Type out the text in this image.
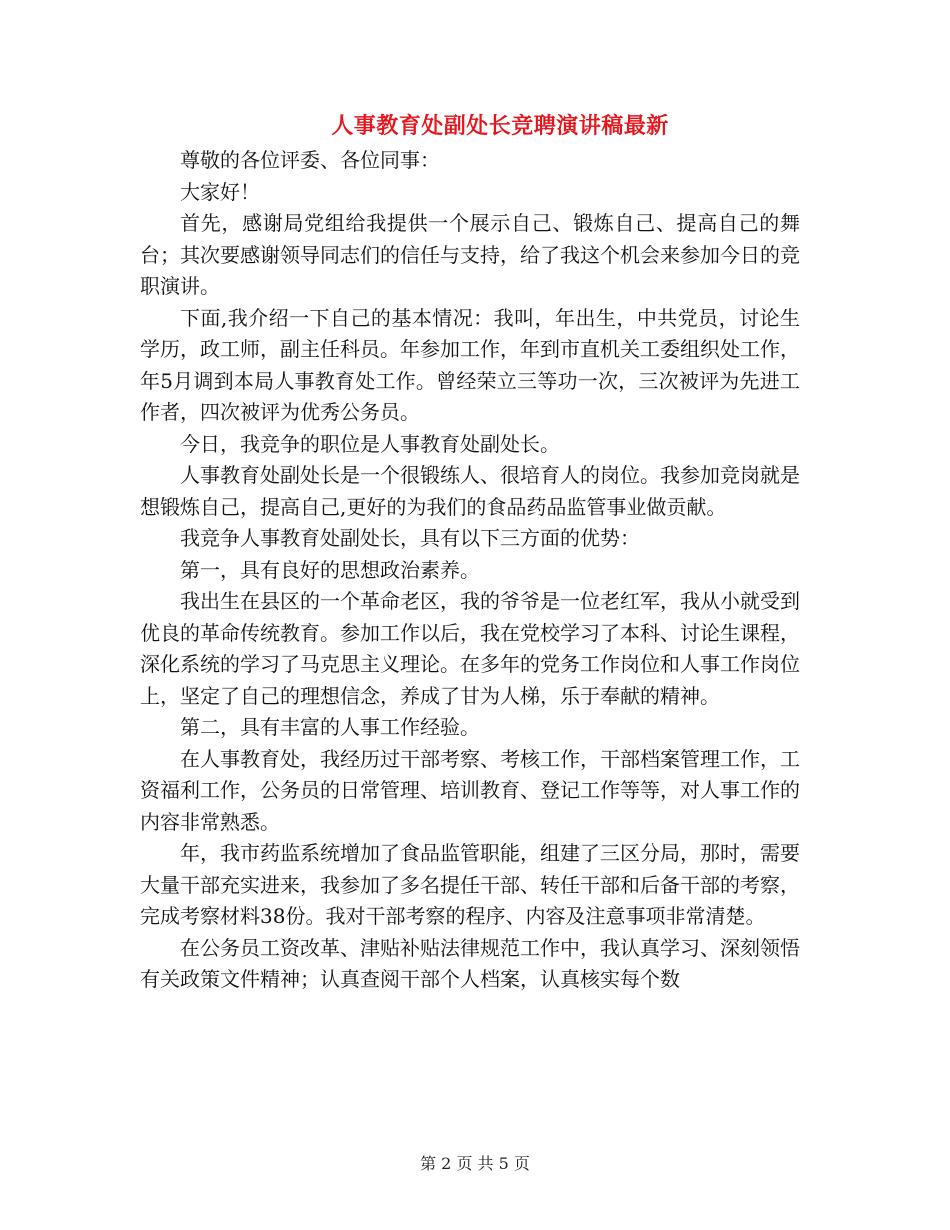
人事教育处副处长竞聘演讲稿最新

尊敬的各位评委、各位同事：

大家好！

首先，感谢局党组给我提供一个展示自己、锻炼自己、提高自己的舞台；其次要感谢领导同志们的信任与支持，给了我这个机会来参加今日的竞职演讲。

下面,我介绍一下自己的基本情况：我叫，年出生，中共党员，讨论生学历，政工师，副主任科员。年参加工作，年到市直机关工委组织处工作，年5月调到本局人事教育处工作。曾经荣立三等功一次，三次被评为先进工作者，四次被评为优秀公务员。

今日，我竞争的职位是人事教育处副处长。

人事教育处副处长是一个很锻练人、很培育人的岗位。我参加竞岗就是想锻炼自己，提高自己,更好的为我们的食品药品监管事业做贡献。

我竞争人事教育处副处长，具有以下三方面的优势：

第一，具有良好的思想政治素养。

我出生在县区的一个革命老区，我的爷爷是一位老红军，我从小就受到优良的革命传统教育。参加工作以后，我在党校学习了本科、讨论生课程，深化系统的学习了马克思主义理论。在多年的党务工作岗位和人事工作岗位上，坚定了自己的理想信念，养成了甘为人梯，乐于奉献的精神。

第二，具有丰富的人事工作经验。

在人事教育处，我经历过干部考察、考核工作，干部档案管理工作，工资福利工作，公务员的日常管理、培训教育、登记工作等等，对人事工作的内容非常熟悉。

年，我市药监系统增加了食品监管职能，组建了三区分局，那时，需要大量干部充实进来，我参加了多名提任干部、转任干部和后备干部的考察，完成考察材料38份。我对干部考察的程序、内容及注意事项非常清楚。

在公务员工资改革、津贴补贴法律规范工作中，我认真学习、深刻领悟有关政策文件精神；认真查阅干部个人档案，认真核实每个数

第 2 页 共 5 页
